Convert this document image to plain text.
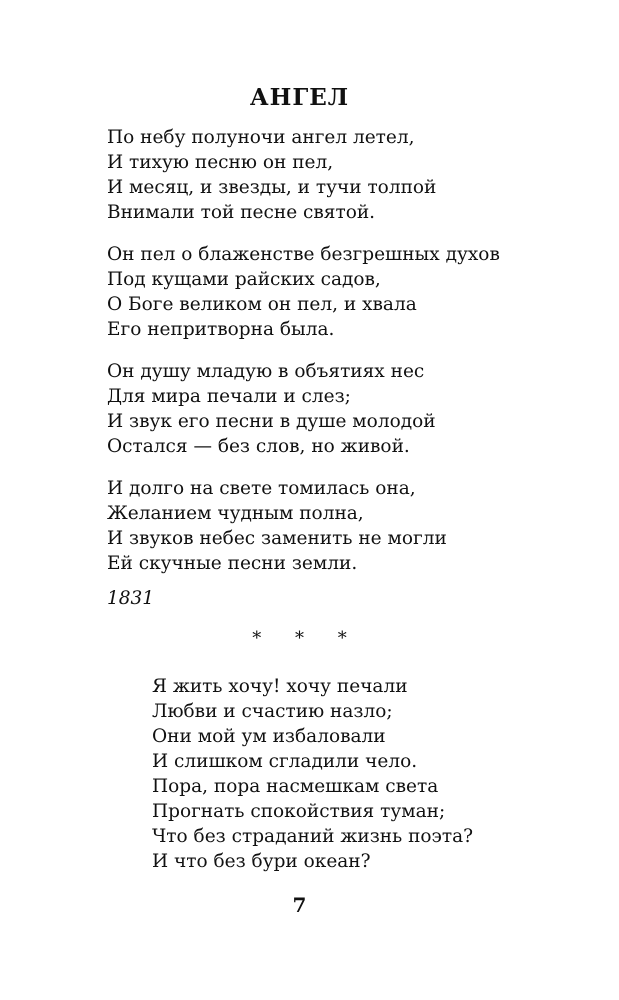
АНГЕЛ
По небу полуночи ангел летел,
И тихую песню он пел,
И месяц, и звезды, и тучи толпой
Внимали той песне святой.
Он пел о блаженстве безгрешных духов
Под кущами райских садов,
О Боге великом он пел, и хвала
Его непритворна была.
Он душу младую в объятиях нес
Для мира печали и слез;
И звук его песни в душе молодой
Остался — без слов, но живой.
И долго на свете томилась она,
Желанием чудным полна,
И звуков небес заменить не могли
Ей скучные песни земли.
1831
* * *
Я жить хочу! хочу печали
Любви и счастию назло;
Они мой ум избаловали
И слишком сгладили чело.
Пора, пора насмешкам света
Прогнать спокойствия туман;
Что без страданий жизнь поэта?
И что без бури океан?
7
